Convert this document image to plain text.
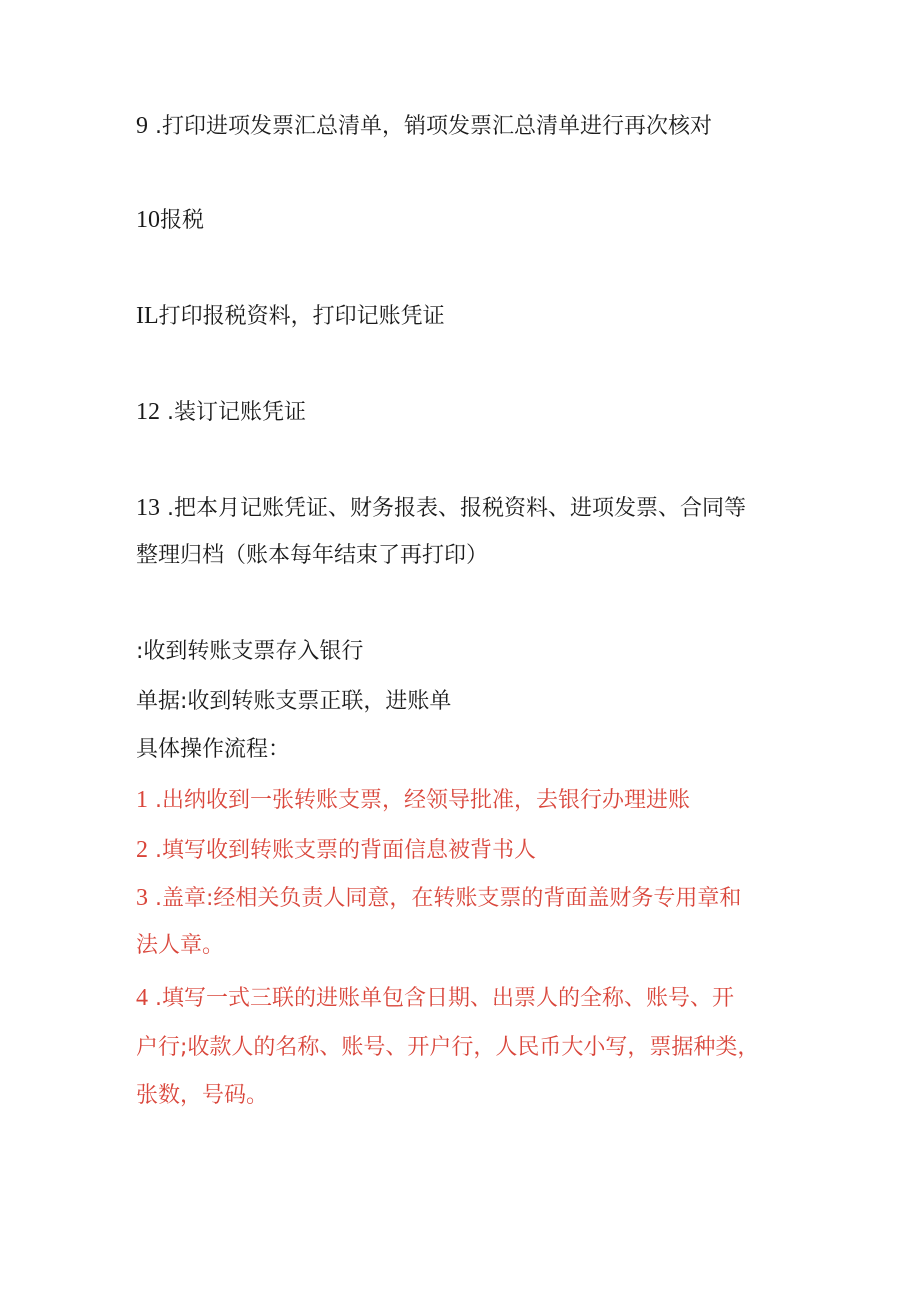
9 .打印进项发票汇总清单，销项发票汇总清单进行再次核对
10报税
IL打印报税资料，打印记账凭证
12 .装订记账凭证
13 .把本月记账凭证、财务报表、报税资料、进项发票、合同等
整理归档（账本每年结束了再打印）
:收到转账支票存入银行
单据:收到转账支票正联，进账单
具体操作流程：
1 .出纳收到一张转账支票，经领导批准，去银行办理进账
2 .填写收到转账支票的背面信息被背书人
3 .盖章:经相关负责人同意，在转账支票的背面盖财务专用章和
法人章。
4 .填写一式三联的进账单包含日期、出票人的全称、账号、开
户行;收款人的名称、账号、开户行，人民币大小写，票据种类，
张数，号码。
